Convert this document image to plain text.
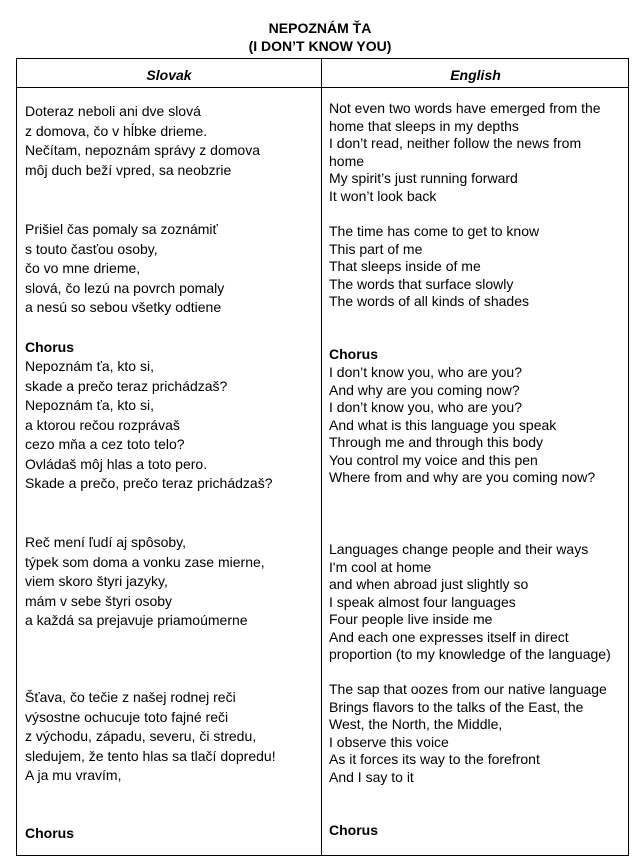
NEPOZNÁM ŤA
(I DON’T KNOW YOU)
Slovak	English
Doteraz neboli ani dve slová
z domova, čo v hĺbke drieme.
Nečítam, nepoznám správy z domova
môj duch beží vpred, sa neobzrie
Prišiel čas pomaly sa zoznámiť
s touto časťou osoby,
čo vo mne drieme,
slová, čo lezú na povrch pomaly
a nesú so sebou všetky odtiene
Chorus
Nepoznám ťa, kto si,
skade a prečo teraz prichádzaš?
Nepoznám ťa, kto si,
a ktorou rečou rozprávaš
cezo mňa a cez toto telo?
Ovládaš môj hlas a toto pero.
Skade a prečo, prečo teraz prichádzaš?
Reč mení ľudí aj spôsoby,
týpek som doma a vonku zase mierne,
viem skoro štyri jazyky,
mám v sebe štyri osoby
a každá sa prejavuje priamoúmerne
Šťava, čo tečie z našej rodnej reči
výsostne ochucuje toto fajné reči
z východu, západu, severu, či stredu,
sledujem, že tento hlas sa tlačí dopredu!
A ja mu vravím,
Chorus
Not even two words have emerged from the
home that sleeps in my depths
I don’t read, neither follow the news from
home
My spirit’s just running forward
It won’t look back
The time has come to get to know
This part of me
That sleeps inside of me
The words that surface slowly
The words of all kinds of shades
Chorus
I don’t know you, who are you?
And why are you coming now?
I don’t know you, who are you?
And what is this language you speak
Through me and through this body
You control my voice and this pen
Where from and why are you coming now?
Languages change people and their ways
I'm cool at home
and when abroad just slightly so
I speak almost four languages
Four people live inside me
And each one expresses itself in direct
proportion (to my knowledge of the language)
The sap that oozes from our native language
Brings flavors to the talks of the East, the
West, the North, the Middle,
I observe this voice
As it forces its way to the forefront
And I say to it
Chorus
